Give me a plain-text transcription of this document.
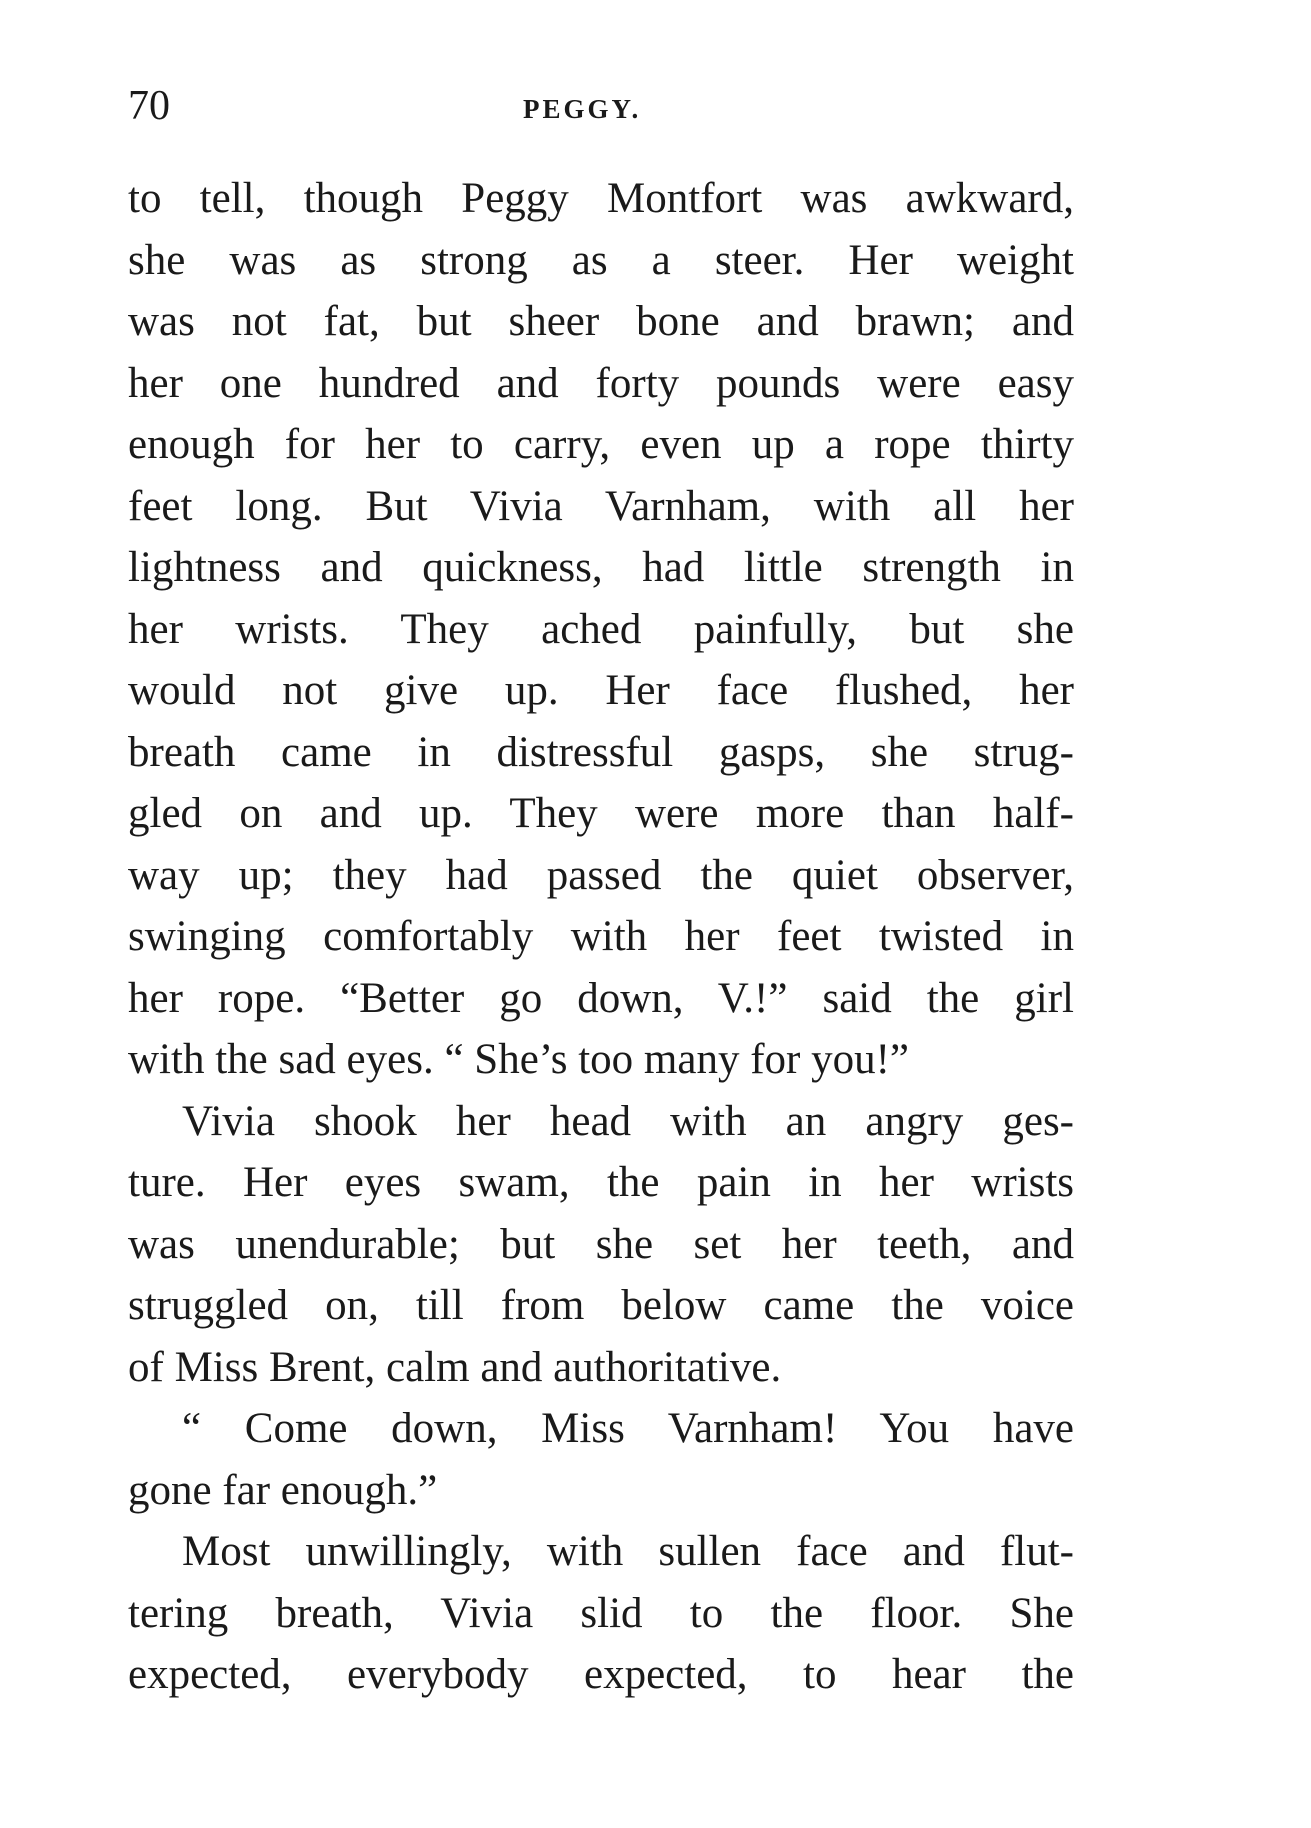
70	PEGGY.
to tell, though Peggy Montfort was awkward,
she was as strong as a steer. Her weight
was not fat, but sheer bone and brawn; and
her one hundred and forty pounds were easy
enough for her to carry, even up a rope thirty
feet long. But Vivia Varnham, with all her
lightness and quickness, had little strength in
her wrists. They ached painfully, but she
would not give up. Her face flushed, her
breath came in distressful gasps, she strug-
gled on and up. They were more than half-
way up; they had passed the quiet observer,
swinging comfortably with her feet twisted in
her rope. “Better go down, V.!” said the girl
with the sad eyes. “ She’s too many for you!”
Vivia shook her head with an angry ges-
ture. Her eyes swam, the pain in her wrists
was unendurable; but she set her teeth, and
struggled on, till from below came the voice
of Miss Brent, calm and authoritative.
“ Come down, Miss Varnham! You have
gone far enough.”
Most unwillingly, with sullen face and flut-
tering breath, Vivia slid to the floor. She
expected, everybody expected, to hear the
